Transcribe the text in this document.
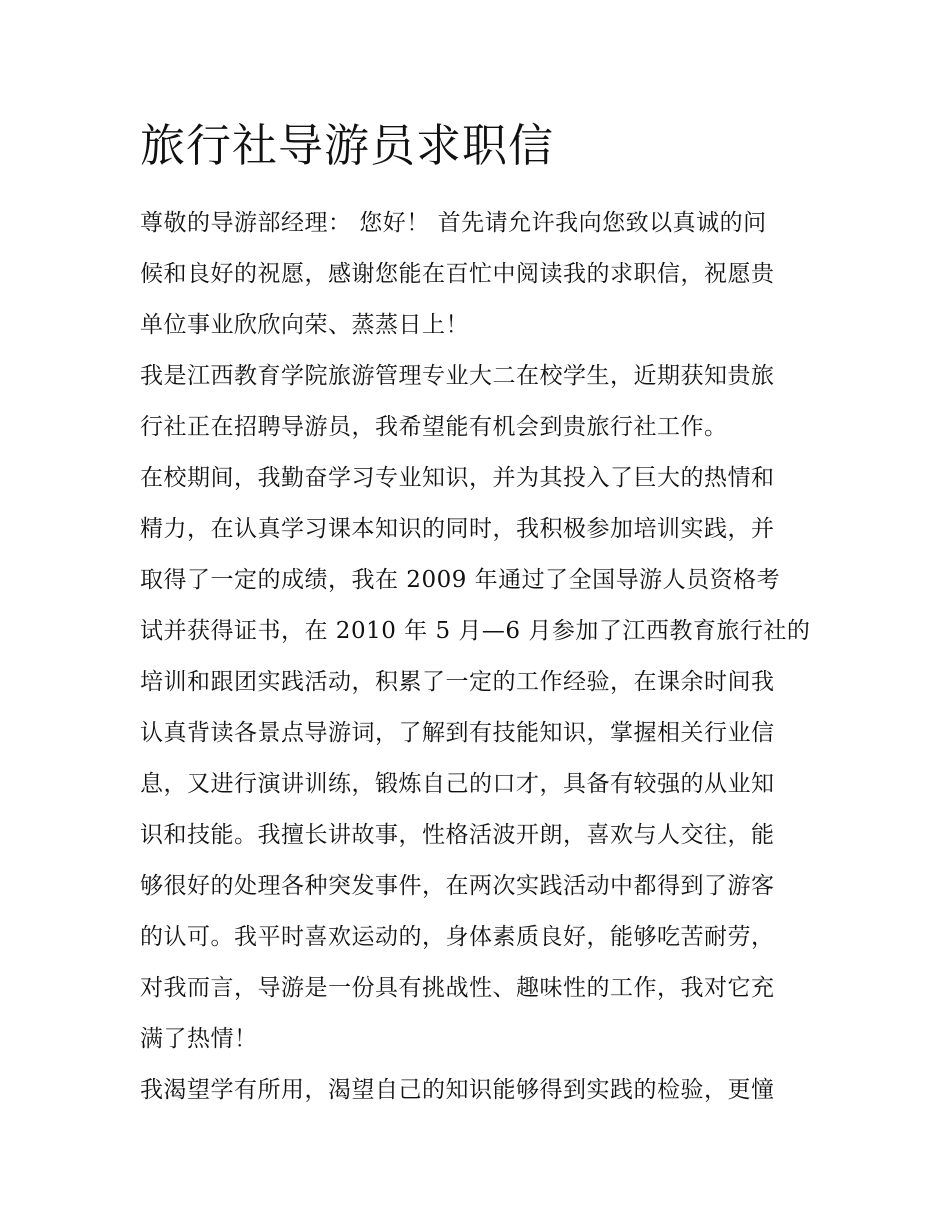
旅行社导游员求职信
尊敬的导游部经理： 您好！ 首先请允许我向您致以真诚的问
候和良好的祝愿，感谢您能在百忙中阅读我的求职信，祝愿贵
单位事业欣欣向荣、蒸蒸日上！
我是江西教育学院旅游管理专业大二在校学生，近期获知贵旅
行社正在招聘导游员，我希望能有机会到贵旅行社工作。
在校期间，我勤奋学习专业知识，并为其投入了巨大的热情和
精力，在认真学习课本知识的同时，我积极参加培训实践，并
取得了一定的成绩，我在 2009 年通过了全国导游人员资格考
试并获得证书，在 2010 年 5 月—6 月参加了江西教育旅行社的
培训和跟团实践活动，积累了一定的工作经验，在课余时间我
认真背读各景点导游词，了解到有技能知识，掌握相关行业信
息，又进行演讲训练，锻炼自己的口才，具备有较强的从业知
识和技能。我擅长讲故事，性格活波开朗，喜欢与人交往，能
够很好的处理各种突发事件，在两次实践活动中都得到了游客
的认可。我平时喜欢运动的，身体素质良好，能够吃苦耐劳，
对我而言，导游是一份具有挑战性、趣味性的工作，我对它充
满了热情！
我渴望学有所用，渴望自己的知识能够得到实践的检验，更憧
